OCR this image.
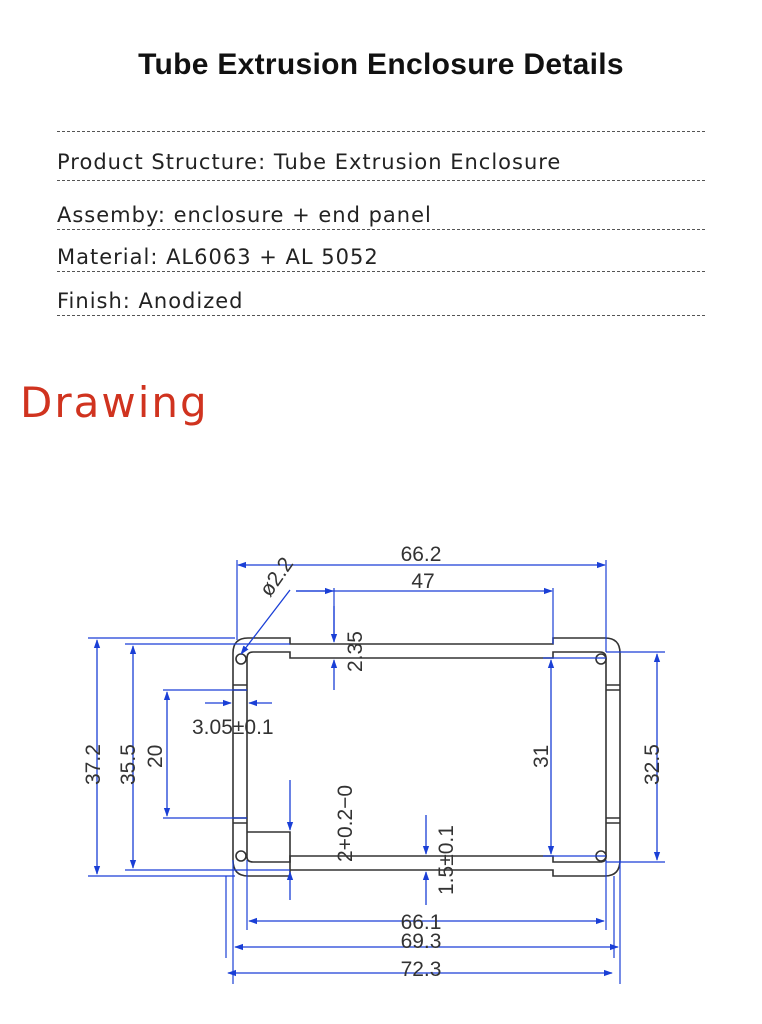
Tube Extrusion Enclosure Details
Product Structure: Tube Extrusion Enclosure
Assemby: enclosure + end panel
Material: AL6063 + AL 5052
Finish: Anodized
Drawing
66.2
47
ø2.2
2.35
3.05±0.1
37.2 35.5 20	31	32.5
2+0.2−0	1.5±0.1
66.1
69.3
72.3
